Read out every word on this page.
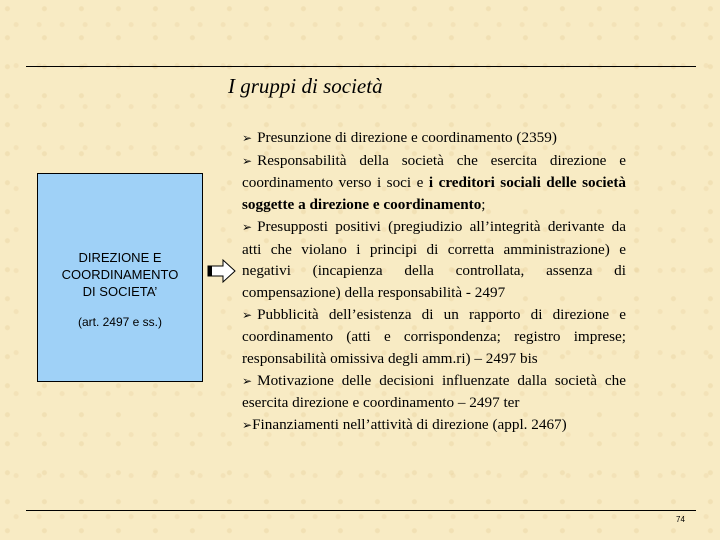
I gruppi di società
DIREZIONE E
COORDINAMENTO
DI SOCIETA’
(art. 2497 e ss.)

➢ Presunzione di direzione e coordinamento (2359)

➢ Responsabilità della società che esercita direzione e coordinamento verso i soci e i creditori sociali delle società soggette a direzione e coordinamento;

➢ Presupposti positivi (pregiudizio all’integrità derivante da atti che violano i principi di corretta amministrazione) e negativi (incapienza della controllata, assenza di compensazione) della responsabilità - 2497

➢ Pubblicità dell’esistenza di un rapporto di direzione e coordinamento (atti e corrispondenza; registro imprese; responsabilità omissiva degli amm.ri) – 2497 bis

➢ Motivazione delle decisioni influenzate dalla società che esercita direzione e coordinamento – 2497 ter

➢Finanziamenti nell’attività di direzione (appl. 2467)

74
